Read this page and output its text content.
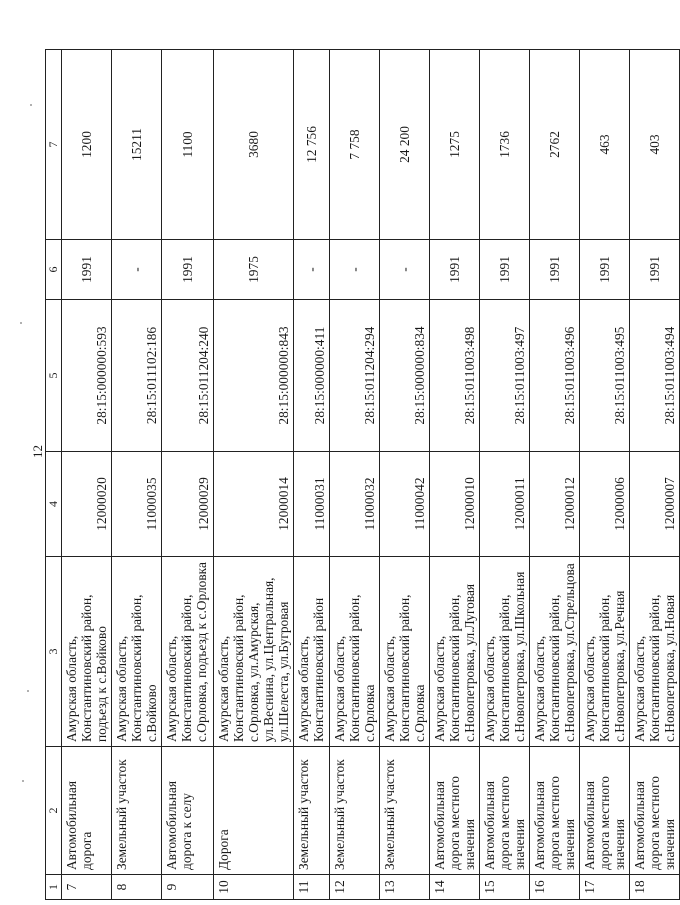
12
1	2	3	4	5	6	7
7	Автомобильная дорога	Амурская область, Константиновский район, подъезд к с.Войково	12000020	28:15:000000:593	1991	1200
8	Земельный участок	Амурская область, Константиновский район, с.Войково	11000035	28:15:011102:186	-	15211
9	Автомобильная дорога к селу	Амурская область, Константиновский район, с.Орловка, подъезд к с.Орловка	12000029	28:15:011204:240	1991	1100
10	Дорога	Амурская область, Константиновский район, с.Орловка, ул.Амурская, ул.Веснина, ул.Центральная, ул.Шелеста, ул.Бугровая	12000014	28:15:000000:843	1975	3680
11	Земельный участок	Амурская область, Константиновский район	11000031	28:15:000000:411	-	12 756
12	Земельный участок	Амурская область, Константиновский район, с.Орловка	11000032	28:15:011204:294	-	7 758
13	Земельный участок	Амурская область, Константиновский район, с.Орловка	11000042	28:15:000000:834	-	24 200
14	Автомобильная дорога местного значения	Амурская область, Константиновский район, с.Новопетровка, ул.Луговая	12000010	28:15:011003:498	1991	1275
15	Автомобильная дорога местного значения	Амурская область, Константиновский район, с.Новопетровка, ул.Школьная	12000011	28:15:011003:497	1991	1736
16	Автомобильная дорога местного значения	Амурская область, Константиновский район, с.Новопетровка, ул.Стрельцова	12000012	28:15:011003:496	1991	2762
17	Автомобильная дорога местного значения	Амурская область, Константиновский район, с.Новопетровка, ул.Речная	12000006	28:15:011003:495	1991	463
18	Автомобильная дорога местного значения	Амурская область, Константиновский район, с.Новопетровка, ул.Новая	12000007	28:15:011003:494	1991	403
